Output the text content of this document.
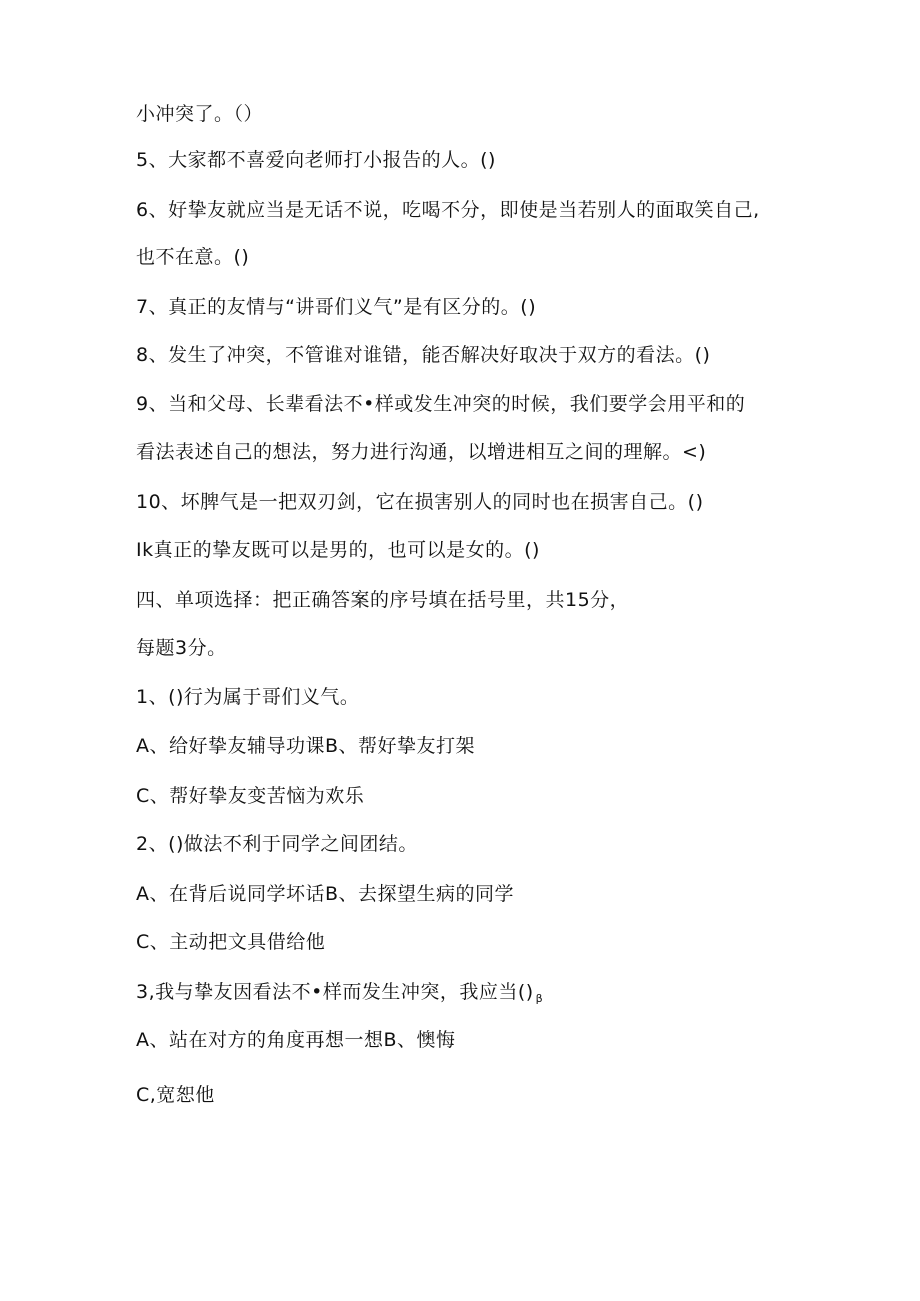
小冲突了。（）
5、大家都不喜爱向老师打小报告的人。()
6、好挚友就应当是无话不说，吃喝不分，即使是当若别人的面取笑自己,
也不在意。()
7、真正的友情与“讲哥们义气”是有区分的。()
8、发生了冲突，不管谁对谁错，能否解决好取决于双方的看法。()
9、当和父母、长辈看法不•样或发生冲突的时候，我们要学会用平和的
看法表述自己的想法，努力进行沟通，以增进相互之间的理解。<)
10、坏脾气是一把双刃剑，它在损害别人的同时也在损害自己。()
Ik真正的挚友既可以是男的，也可以是女的。()
四、单项选择：把正确答案的序号填在括号里，共15分，
每题3分。
1、()行为属于哥们义气。
A、给好挚友辅导功课B、帮好挚友打架
C、帮好挚友变苦恼为欢乐
2、()做法不利于同学之间团结。
A、在背后说同学坏话B、去探望生病的同学
C、主动把文具借给他
3,我与挚友因看法不•样而发生冲突，我应当() $_\beta$
A、站在对方的角度再想一想B、懊悔
C,宽恕他
